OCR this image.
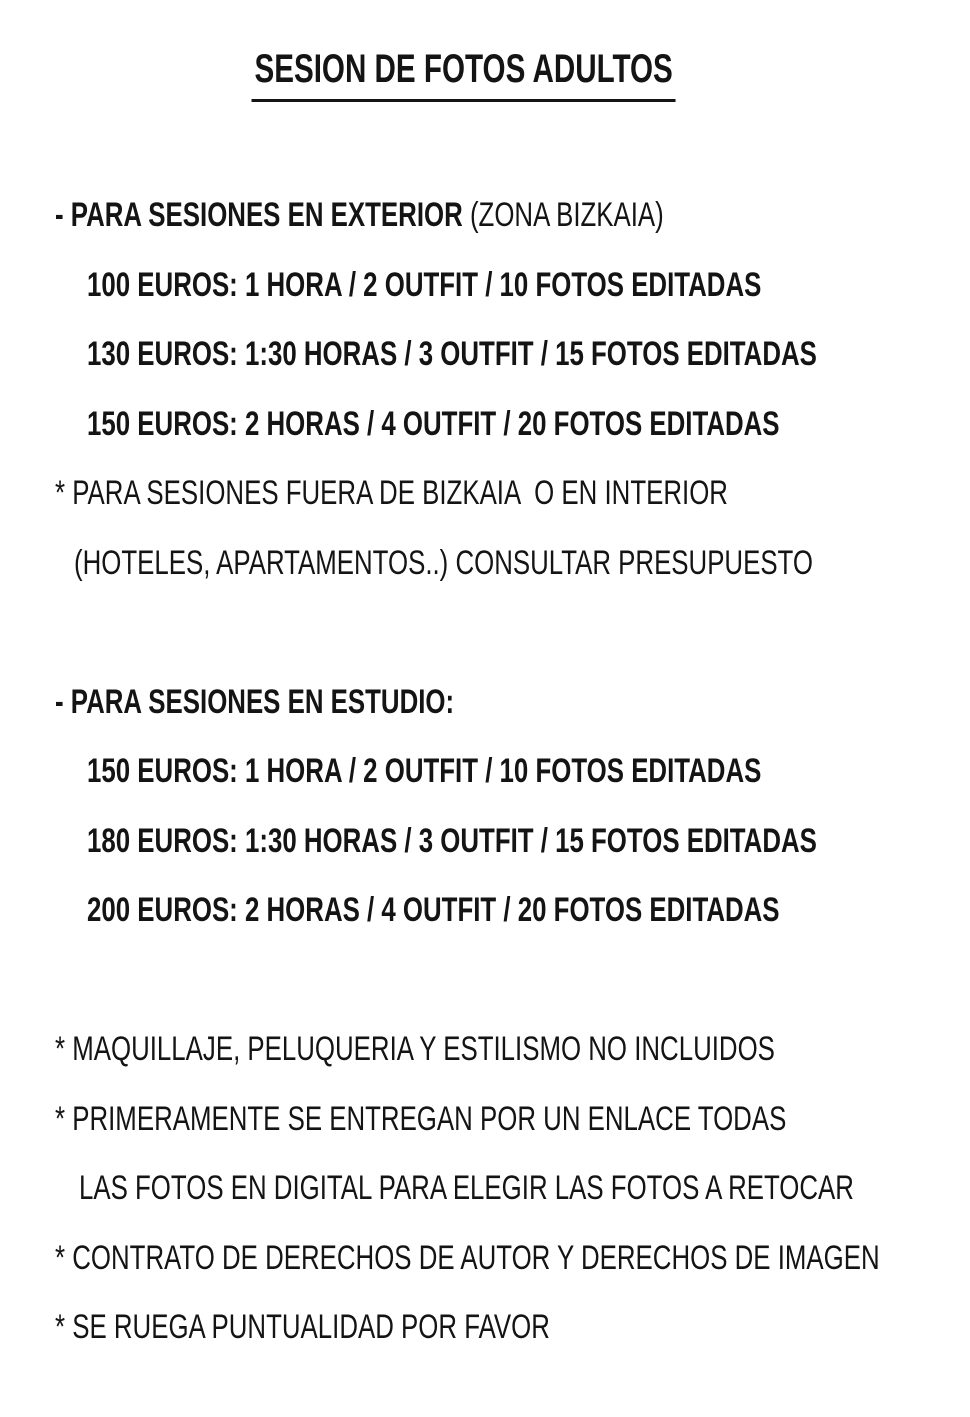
SESION DE FOTOS ADULTOS
- PARA SESIONES EN EXTERIOR (ZONA BIZKAIA)
100 EUROS: 1 HORA / 2 OUTFIT / 10 FOTOS EDITADAS
130 EUROS: 1:30 HORAS / 3 OUTFIT / 15 FOTOS EDITADAS
150 EUROS: 2 HORAS / 4 OUTFIT / 20 FOTOS EDITADAS
* PARA SESIONES FUERA DE BIZKAIA  O EN INTERIOR
(HOTELES, APARTAMENTOS..) CONSULTAR PRESUPUESTO
- PARA SESIONES EN ESTUDIO:
150 EUROS: 1 HORA / 2 OUTFIT / 10 FOTOS EDITADAS
180 EUROS: 1:30 HORAS / 3 OUTFIT / 15 FOTOS EDITADAS
200 EUROS: 2 HORAS / 4 OUTFIT / 20 FOTOS EDITADAS
* MAQUILLAJE, PELUQUERIA Y ESTILISMO NO INCLUIDOS
* PRIMERAMENTE SE ENTREGAN POR UN ENLACE TODAS
LAS FOTOS EN DIGITAL PARA ELEGIR LAS FOTOS A RETOCAR
* CONTRATO DE DERECHOS DE AUTOR Y DERECHOS DE IMAGEN
* SE RUEGA PUNTUALIDAD POR FAVOR
